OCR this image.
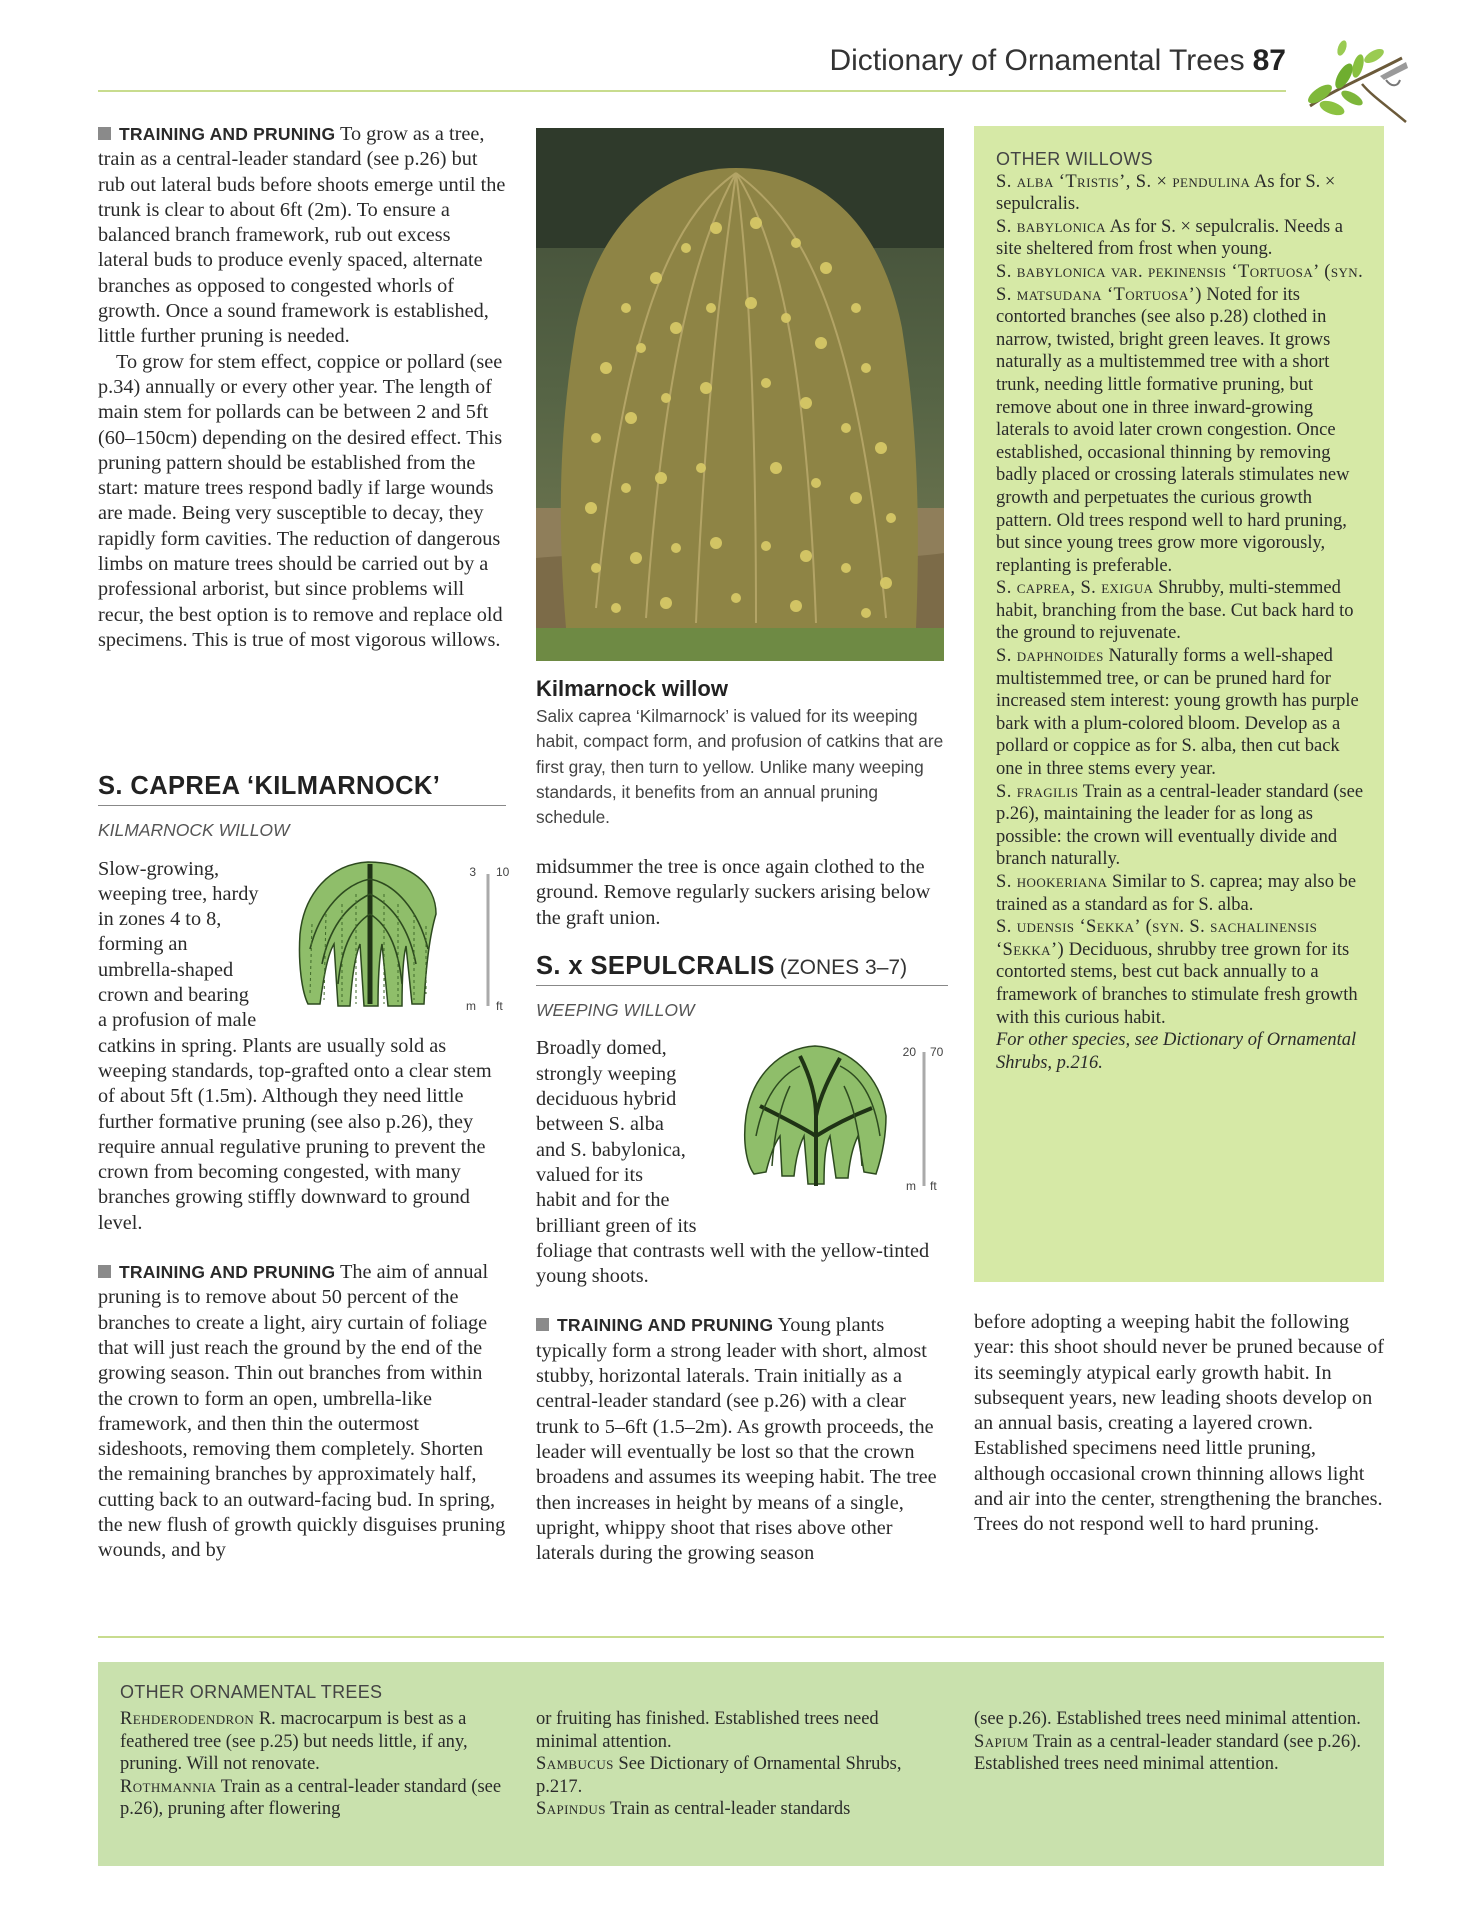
Dictionary of Ornamental Trees 87

TRAINING AND PRUNING To grow as a tree, train as a central-leader standard (see p.26) but rub out lateral buds before shoots emerge until the trunk is clear to about 6ft (2m). To ensure a balanced branch framework, rub out excess lateral buds to produce evenly spaced, alternate branches as opposed to congested whorls of growth. Once a sound framework is established, little further pruning is needed.

To grow for stem effect, coppice or pollard (see p.34) annually or every other year. The length of main stem for pollards can be between 2 and 5ft (60–150cm) depending on the desired effect. This pruning pattern should be established from the start: mature trees respond badly if large wounds are made. Being very susceptible to decay, they rapidly form cavities. The reduction of dangerous limbs on mature trees should be carried out by a professional arborist, but since problems will recur, the best option is to remove and replace old specimens. This is true of most vigorous willows.

S. CAPREA ‘KILMARNOCK’
KILMARNOCK WILLOW
Slow-growing,
weeping tree, hardy
in zones 4 to 8,
forming an
umbrella-shaped
crown and bearing
a profusion of male

catkins in spring. Plants are usually sold as weeping standards, top-grafted onto a clear stem of about 5ft (1.5m). Although they need little further formative pruning (see also p.26), they require annual regulative pruning to prevent the crown from becoming congested, with many branches growing stiffly downward to ground level.

TRAINING AND PRUNING The aim of annual pruning is to remove about 50 percent of the branches to create a light, airy curtain of foliage that will just reach the ground by the end of the growing season. Thin out branches from within the crown to form an open, umbrella-like framework, and then thin the outermost sideshoots, removing them completely. Shorten the remaining branches by approximately half, cutting back to an outward-facing bud. In spring, the new flush of growth quickly disguises pruning wounds, and by

3 10
m ft
Kilmarnock willow
Salix caprea ‘Kilmarnock’ is valued for its weeping habit, compact form, and profusion of catkins that are first gray, then turn to yellow. Unlike many weeping standards, it benefits from an annual pruning schedule.

midsummer the tree is once again clothed to the ground. Remove regularly suckers arising below the graft union.

S. x SEPULCRALIS (ZONES 3–7)
WEEPING WILLOW
Broadly domed,
strongly weeping
deciduous hybrid
between S. alba
and S. babylonica,
valued for its
habit and for the
brilliant green of its

foliage that contrasts well with the yellow-tinted young shoots.

TRAINING AND PRUNING Young plants typically form a strong leader with short, almost stubby, horizontal laterals. Train initially as a central-leader standard (see p.26) with a clear trunk to 5–6ft (1.5–2m). As growth proceeds, the leader will eventually be lost so that the crown broadens and assumes its weeping habit. The tree then increases in height by means of a single, upright, whippy shoot that rises above other laterals during the growing season

20 70
m ft
OTHER WILLOWS

S. alba ‘Tristis’, S. × pendulina As for S. × sepulcralis.

S. babylonica As for S. × sepulcralis. Needs a site sheltered from frost when young.

S. babylonica var. pekinensis ‘Tortuosa’ (syn. S. matsudana ‘Tortuosa’) Noted for its contorted branches (see also p.28) clothed in narrow, twisted, bright green leaves. It grows naturally as a multistemmed tree with a short trunk, needing little formative pruning, but remove about one in three inward-growing laterals to avoid later crown congestion. Once established, occasional thinning by removing badly placed or crossing laterals stimulates new growth and perpetuates the curious growth pattern. Old trees respond well to hard pruning, but since young trees grow more vigorously, replanting is preferable.

S. caprea, S. exigua Shrubby, multi-stemmed habit, branching from the base. Cut back hard to the ground to rejuvenate.

S. daphnoides Naturally forms a well-shaped multistemmed tree, or can be pruned hard for increased stem interest: young growth has purple bark with a plum-colored bloom. Develop as a pollard or coppice as for S. alba, then cut back one in three stems every year.

S. fragilis Train as a central-leader standard (see p.26), maintaining the leader for as long as possible: the crown will eventually divide and branch naturally.

S. hookeriana Similar to S. caprea; may also be trained as a standard as for S. alba.

S. udensis ‘Sekka’ (syn. S. sachalinensis ‘Sekka’) Deciduous, shrubby tree grown for its contorted stems, best cut back annually to a framework of branches to stimulate fresh growth with this curious habit.

For other species, see Dictionary of Ornamental Shrubs, p.216.

before adopting a weeping habit the following year: this shoot should never be pruned because of its seemingly atypical early growth habit. In subsequent years, new leading shoots develop on an annual basis, creating a layered crown. Established specimens need little pruning, although occasional crown thinning allows light and air into the center, strengthening the branches. Trees do not respond well to hard pruning.

OTHER ORNAMENTAL TREES

Rehderodendron R. macrocarpum is best as a feathered tree (see p.25) but needs little, if any, pruning. Will not renovate.

Rothmannia Train as a central-leader standard (see p.26), pruning after flowering

or fruiting has finished. Established trees need minimal attention.

Sambucus See Dictionary of Ornamental Shrubs, p.217.

Sapindus Train as central-leader standards

(see p.26). Established trees need minimal attention.

Sapium Train as a central-leader standard (see p.26). Established trees need minimal attention.
